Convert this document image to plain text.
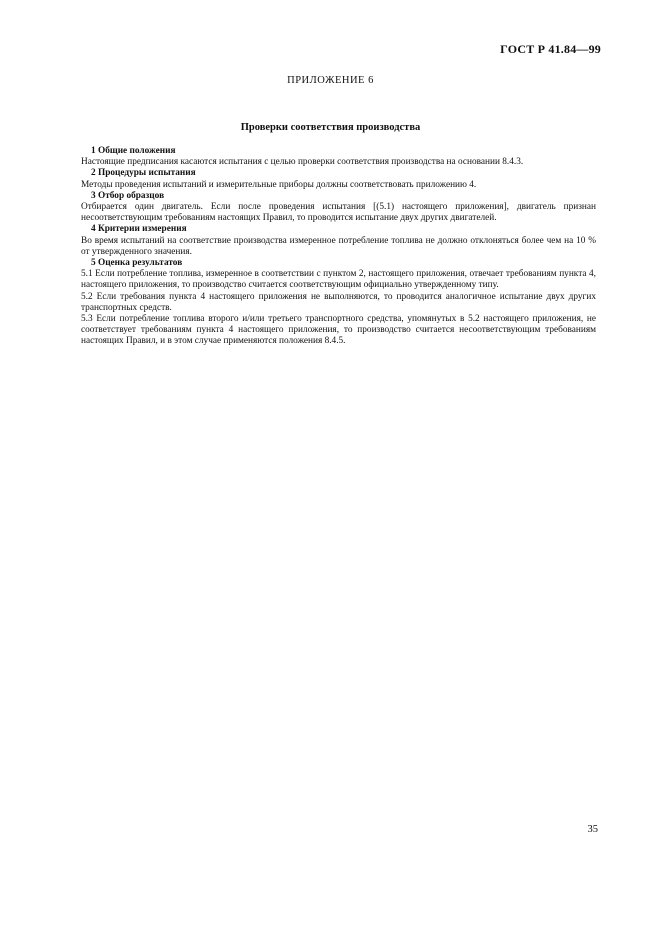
ГОСТ Р 41.84—99
ПРИЛОЖЕНИЕ 6
Проверки соответствия производства

1 Общие положения

Настоящие предписания касаются испытания с целью проверки соответствия производства на основании 8.4.3.

2 Процедуры испытания

Методы проведения испытаний и измерительные приборы должны соответствовать приложению 4.

3 Отбор образцов

Отбирается один двигатель. Если после проведения испытания [(5.1) настоящего приложения], двигатель признан несоответствующим требованиям настоящих Правил, то проводится испытание двух других двигателей.

4 Критерии измерения

Во время испытаний на соответствие производства измеренное потребление топлива не должно отклоняться более чем на 10 % от утвержденного значения.

5 Оценка результатов

5.1 Если потребление топлива, измеренное в соответствии с пунктом 2, настоящего приложения, отвечает требованиям пункта 4, настоящего приложения, то производство считается соответствующим официально утвержденному типу.

5.2 Если требования пункта 4 настоящего приложения не выполняются, то проводится аналогичное испытание двух других транспортных средств.

5.3 Если потребление топлива второго и/или третьего транспортного средства, упомянутых в 5.2 настоящего приложения, не соответствует требованиям пункта 4 настоящего приложения, то производство считается несоответствующим требованиям настоящих Правил, и в этом случае применяются положения 8.4.5.

35
